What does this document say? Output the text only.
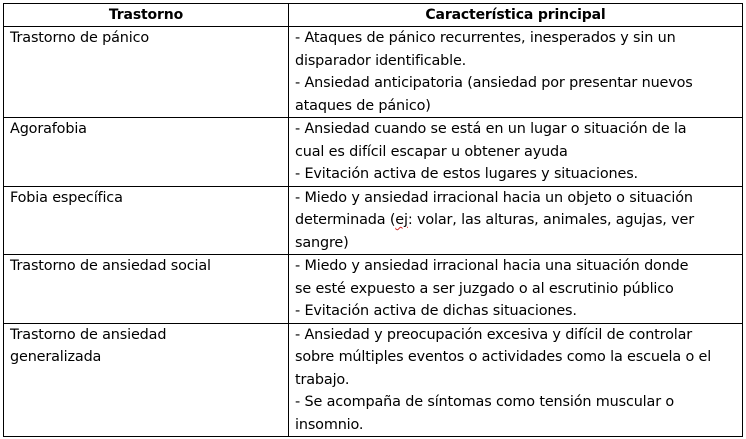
Trastorno	Característica principal

Trastorno de pánico	- Ataques de pánico recurrentes, inesperados y sin un
disparador identificable.
- Ansiedad anticipatoria (ansiedad por presentar nuevos
ataques de pánico)

Agorafobia	- Ansiedad cuando se está en un lugar o situación de la
cual es difícil escapar u obtener ayuda
- Evitación activa de estos lugares y situaciones.

Fobia específica	- Miedo y ansiedad irracional hacia un objeto o situación
determinada (ej: volar, las alturas, animales, agujas, ver
sangre)

Trastorno de ansiedad social	- Miedo y ansiedad irracional hacia una situación donde
se esté expuesto a ser juzgado o al escrutinio público
- Evitación activa de dichas situaciones.

Trastorno de ansiedad
generalizada	- Ansiedad y preocupación excesiva y difícil de controlar
sobre múltiples eventos o actividades como la escuela o el
trabajo.
- Se acompaña de síntomas como tensión muscular o
insomnio.
